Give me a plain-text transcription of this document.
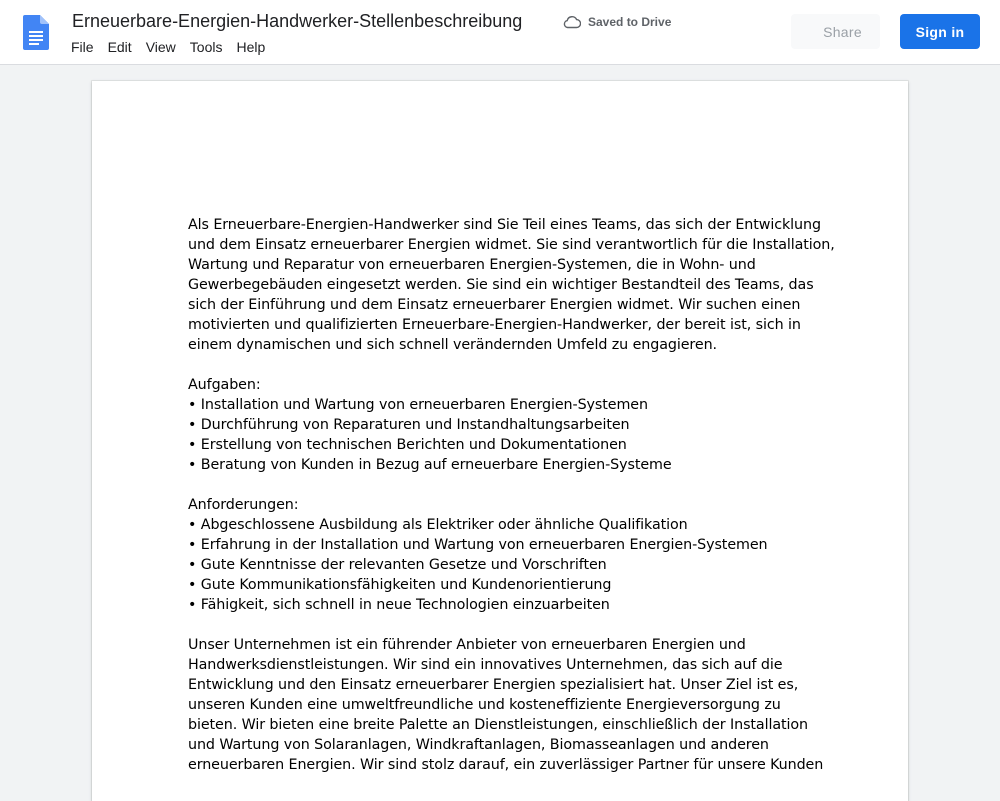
Erneuerbare-Energien-Handwerker-Stellenbeschreibung	Saved to Drive
File	Edit	View	Tools	Help
Share	Sign in
Als Erneuerbare-Energien-Handwerker sind Sie Teil eines Teams, das sich der Entwicklung
und dem Einsatz erneuerbarer Energien widmet. Sie sind verantwortlich für die Installation,
Wartung und Reparatur von erneuerbaren Energien-Systemen, die in Wohn- und
Gewerbegebäuden eingesetzt werden. Sie sind ein wichtiger Bestandteil des Teams, das
sich der Einführung und dem Einsatz erneuerbarer Energien widmet. Wir suchen einen
motivierten und qualifizierten Erneuerbare-Energien-Handwerker, der bereit ist, sich in
einem dynamischen und sich schnell verändernden Umfeld zu engagieren.
Aufgaben:
• Installation und Wartung von erneuerbaren Energien-Systemen
• Durchführung von Reparaturen und Instandhaltungsarbeiten
• Erstellung von technischen Berichten und Dokumentationen
• Beratung von Kunden in Bezug auf erneuerbare Energien-Systeme
Anforderungen:
• Abgeschlossene Ausbildung als Elektriker oder ähnliche Qualifikation
• Erfahrung in der Installation und Wartung von erneuerbaren Energien-Systemen
• Gute Kenntnisse der relevanten Gesetze und Vorschriften
• Gute Kommunikationsfähigkeiten und Kundenorientierung
• Fähigkeit, sich schnell in neue Technologien einzuarbeiten
Unser Unternehmen ist ein führender Anbieter von erneuerbaren Energien und
Handwerksdienstleistungen. Wir sind ein innovatives Unternehmen, das sich auf die
Entwicklung und den Einsatz erneuerbarer Energien spezialisiert hat. Unser Ziel ist es,
unseren Kunden eine umweltfreundliche und kosteneffiziente Energieversorgung zu
bieten. Wir bieten eine breite Palette an Dienstleistungen, einschließlich der Installation
und Wartung von Solaranlagen, Windkraftanlagen, Biomasseanlagen und anderen
erneuerbaren Energien. Wir sind stolz darauf, ein zuverlässiger Partner für unsere Kunden
